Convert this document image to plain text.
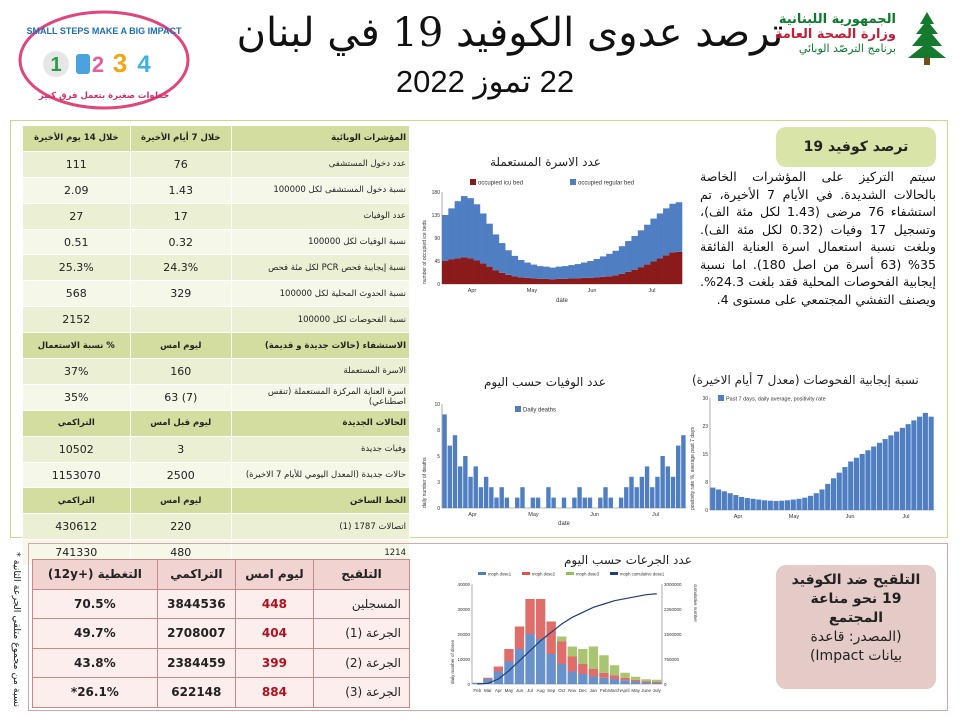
SMALL STEPS MAKE A BIG IMPACT
1 3 4
2
خطوات صغيرة بتعمل فرق كبير
ترصد عدوى الكوفيد 19 في لبنان
22 تموز 2022
الجمهورية اللبنانية
وزارة الصحة العامة
برنامج الترصّد الوبائي
المؤشرات الوبائية	خلال 7 أيام الأخيرة	خلال 14 يوم الأخيرة
عدد دخول المستشفى	76	111
نسبة دخول المستشفى لكل 100000	1.43	2.09
عدد الوفيات	17	27
نسبة الوفيات لكل 100000	0.32	0.51
نسبة إيجابية فحص PCR لكل مئة فحص	24.3%	25.3%
نسبة الحدوث المحلية لكل 100000	329	568
نسبة الفحوصات لكل 100000		2152
الاستشفاء (حالات جديدة و قديمة)	ليوم امس	% نسبة الاستعمال
الاسرة المستعملة	160	37%
اسرة العناية المركزة المستعملة (تنفس اصطناعي)	(7) 63	35%
الحالات الجديدة	ليوم قبل امس	التراكمي
وفيات جديدة	3	10502
حالات جديدة (المعدل اليومي للأيام 7 الاخيرة)	2500	1153070
الخط الساخن	ليوم امس	التراكمي
اتصالات 1787 (1)	220	430612
1214	480	741330
ترصد كوفيد 19
سيتم التركيز على المؤشرات الخاصة بالحالات الشديدة. في الأيام 7 الأخيرة، تم استشفاء 76 مرضى (1.43 لكل مئة الف)، وتسجيل 17 وفيات (0.32 لكل مئة الف). وبلغت نسبة استعمال اسرة العناية الفائقة 35% (63 أسرة من اصل 180). اما نسبة إيجابية الفحوصات المحلية فقد بلغت 24.3%. ويصنف التفشي المجتمعي على مستوى 4.
عدد الاسرة المستعملة
Apr	May	Jun	Jul
0
45
90
135
180
occupied icu bed	occupied regular bed
date
number of occupied ice beds
عدد الوفيات حسب اليوم
Apr	May	Jun	Jul
0
3
5
8
10
Daily deaths
date
daily number of deaths
نسبة إيجابية الفحوصات (معدل 7 أيام الاخيرة)
Apr	May	Jun	Jul
0
8
15
23
30	Past 7 days, daily average, positivity rate
positivity rate %, average past 7 days
* نسبة من مجموع متلقي الجرعة الثانية	التلقيح	ليوم امس	التراكمي	التغطية (+12y)
المسجلين	448	3844536	70.5%
الجرعة (1)	404	2708007	49.7%
الجرعة (2)	399	2384459	43.8%
الجرعة (3)	884	622148	26.1%*
عدد الجرعات حسب اليوم
Feb Mar Apr May Jun Jul Aug Sep Oct Nov Dec Jan Feb March April May June July
0	0
10000	750000
20000	1500000
30000	2250000
40000	3000000
moph dose1	moph dose2	moph dose3	moph cumulative dose1
daily number of doses
cumulative number
التلقيح ضد الكوفيد
19 نحو مناعة
المجتمع
(المصدر: قاعدة
بيانات Impact)
